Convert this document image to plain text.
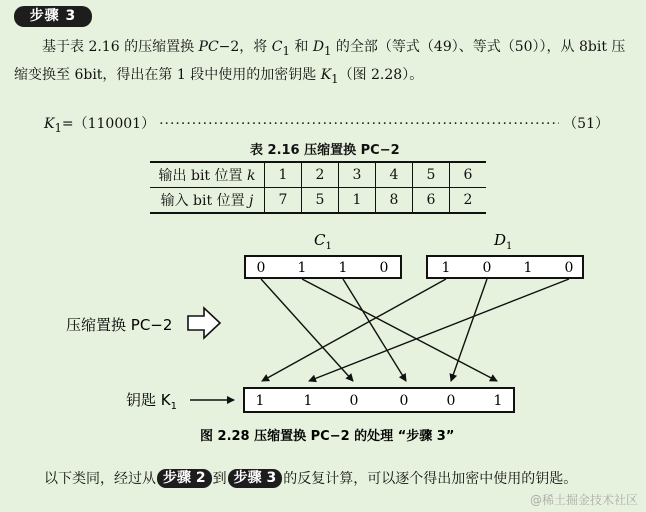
步骤 3
基于表 2.16 的压缩置换 PC−2，将 $C_1$ 和 $D_1$ 的全部（等式（49）、等式（50）），从 8bit 压缩变换至 6bit，得出在第 1 段中使用的加密钥匙 $K_1$（图 2.28）。
$K_1 =(110001)$ ·····	（51）
表 2.16 压缩置换 PC−2
输出 bit 位置 k	1	2	3	4	5	6
输入 bit 位置 j	7	5	1	8	6	2
$C_1$	$D_1$
0 1 1 0	1 0 1 0
1	1	0	0	0	1
压缩置换 PC−2
钥匙 $K_1$
图 2.28 压缩置换 PC−2 的处理 “步骤 3”
以下类同，经过从 步骤 2 到 步骤 3 的反复计算，可以逐个得出加密中使用的钥匙。
@稀土掘金技术社区
